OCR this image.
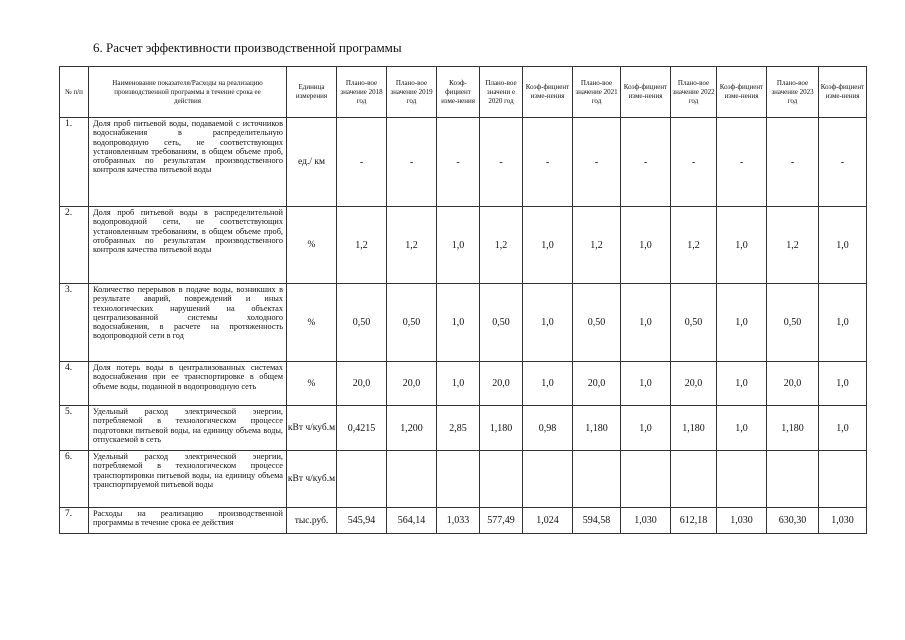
6. Расчет эффективности производственной программы
№ п/п	Наименование показателя/Расходы на реализацию производственной программы в течение срока ее действия	Единица измерения	Плано-вое значение 2018 год	Плано-вое значение 2019 год	Коэф-фициент изме-нения	Плано-вое значени е 2020 год	Коэф-фициент изме-нения	Плано-вое значение 2021 год	Коэф-фициент изме-нения	Плано-вое значение 2022 год	Коэф-фициент изме-нения	Плано-вое значение 2023 год	Коэф-фициент изме-нения
1.	Доля проб питьевой воды, подаваемой с источников водоснабжения в распределительную водопроводную сеть, не соответствующих установленным требованиям, в общем объеме проб, отобранных по результатам производственного контроля качества питьевой воды	ед./ км	-	-	-	-	-	-	-	-	-	-	-
2.	Доля проб питьевой воды в распределительной водопроводной сети, не соответствующих установленным требованиям, в общем объеме проб, отобранных по результатам производственного контроля качества питьевой воды	%	1,2	1,2	1,0	1,2	1,0	1,2	1,0	1,2	1,0	1,2	1,0
3.	Количество перерывов в подаче воды, возникших в результате аварий, повреждений и иных технологических нарушений на объектах централизованной системы холодного водоснабжения, в расчете на протяженность водопроводной сети в год	%	0,50	0,50	1,0	0,50	1,0	0,50	1,0	0,50	1,0	0,50	1,0
4.	Доля потерь воды в централизованных системах водоснабжения при ее транспортировке в общем объеме воды, поданной в водопроводную сеть	%	20,0	20,0	1,0	20,0	1,0	20,0	1,0	20,0	1,0	20,0	1,0
5.	Удельный расход электрической энергии, потребляемой в технологическом процессе подготовки питьевой воды, на единицу объема воды, отпускаемой в сеть	кВт ч/куб.м	0,4215	1,200	2,85	1,180	0,98	1,180	1,0	1,180	1,0	1,180	1,0
6.	Удельный расход электрической энергии, потребляемой в технологическом процессе транспортировки питьевой воды, на единицу объема транспортируемой питьевой воды	кВт ч/куб.м											
7.	Расходы на реализацию производственной программы в течение срока ее действия	тыс.руб.	545,94	564,14	1,033	577,49	1,024	594,58	1,030	612,18	1,030	630,30	1,030
